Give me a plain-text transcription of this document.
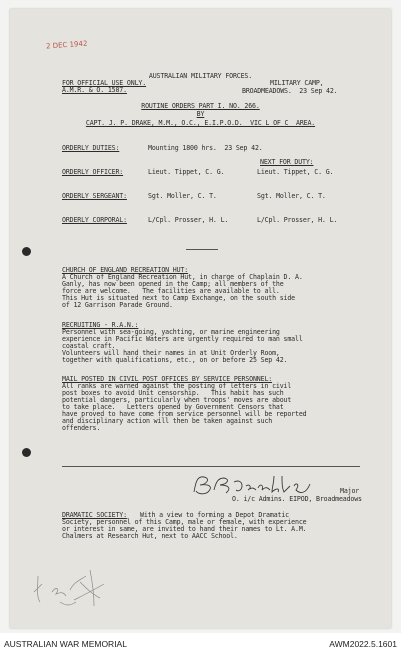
2 DEC 1942
AUSTRALIAN MILITARY FORCES.
FOR OFFICIAL USE ONLY.	MILITARY CAMP,
A.M.R. & O. 1587.	BROADMEADOWS.  23 Sep 42.
ROUTINE ORDERS PART I. NO. 266.
BY
CAPT. J. P. DRAKE, M.M., O.C., E.I.P.O.D.  VIC L OF C  AREA.
ORDERLY DUTIES:	Mounting 1800 hrs.  23 Sep 42.
NEXT FOR DUTY:
ORDERLY OFFICER:	Lieut. Tippet, C. G.	Lieut. Tippet, C. G.
ORDERLY SERGEANT:	Sgt. Moller, C. T.	Sgt. Moller, C. T.
ORDERLY CORPORAL:	L/Cpl. Prosser, H. L.	L/Cpl. Prosser, H. L.
CHURCH OF ENGLAND RECREATION HUT:
A Church of England Recreation Hut, in charge of Chaplain D. A.
Ganly, has now been opened in the Camp; all members of the
force are welcome.   The facilities are available to all.
This Hut is situated next to Camp Exchange, on the south side
of 12 Garrison Parade Ground.
RECRUITING - R.A.N.:
Personnel with sea-going, yachting, or marine engineering
experience in Pacific Waters are urgently required to man small
coastal craft.
Volunteers will hand their names in at Unit Orderly Room,
together with qualifications, etc., on or before 25 Sep 42.
MAIL POSTED IN CIVIL POST OFFICES BY SERVICE PERSONNEL:
All ranks are warned against the posting of letters in civil
post boxes to avoid Unit censorship.   This habit has such
potential dangers, particularly when troops' moves are about
to take place.   Letters opened by Government Censors that
have proved to have come from service personnel will be reported
and disciplinary action will then be taken against such
offenders.
Major
O. i/c Admins. EIPOD, Broadmeadows
DRAMATIC SOCIETY: With a view to forming a Depot Dramatic
Society, personnel of this Camp, male or female, with experience
or interest in same, are invited to hand their names to Lt. A.M.
Chalmers at Research Hut, next to AACC School.
AUSTRALIAN WAR MEMORIAL	AWM2022.5.1601
